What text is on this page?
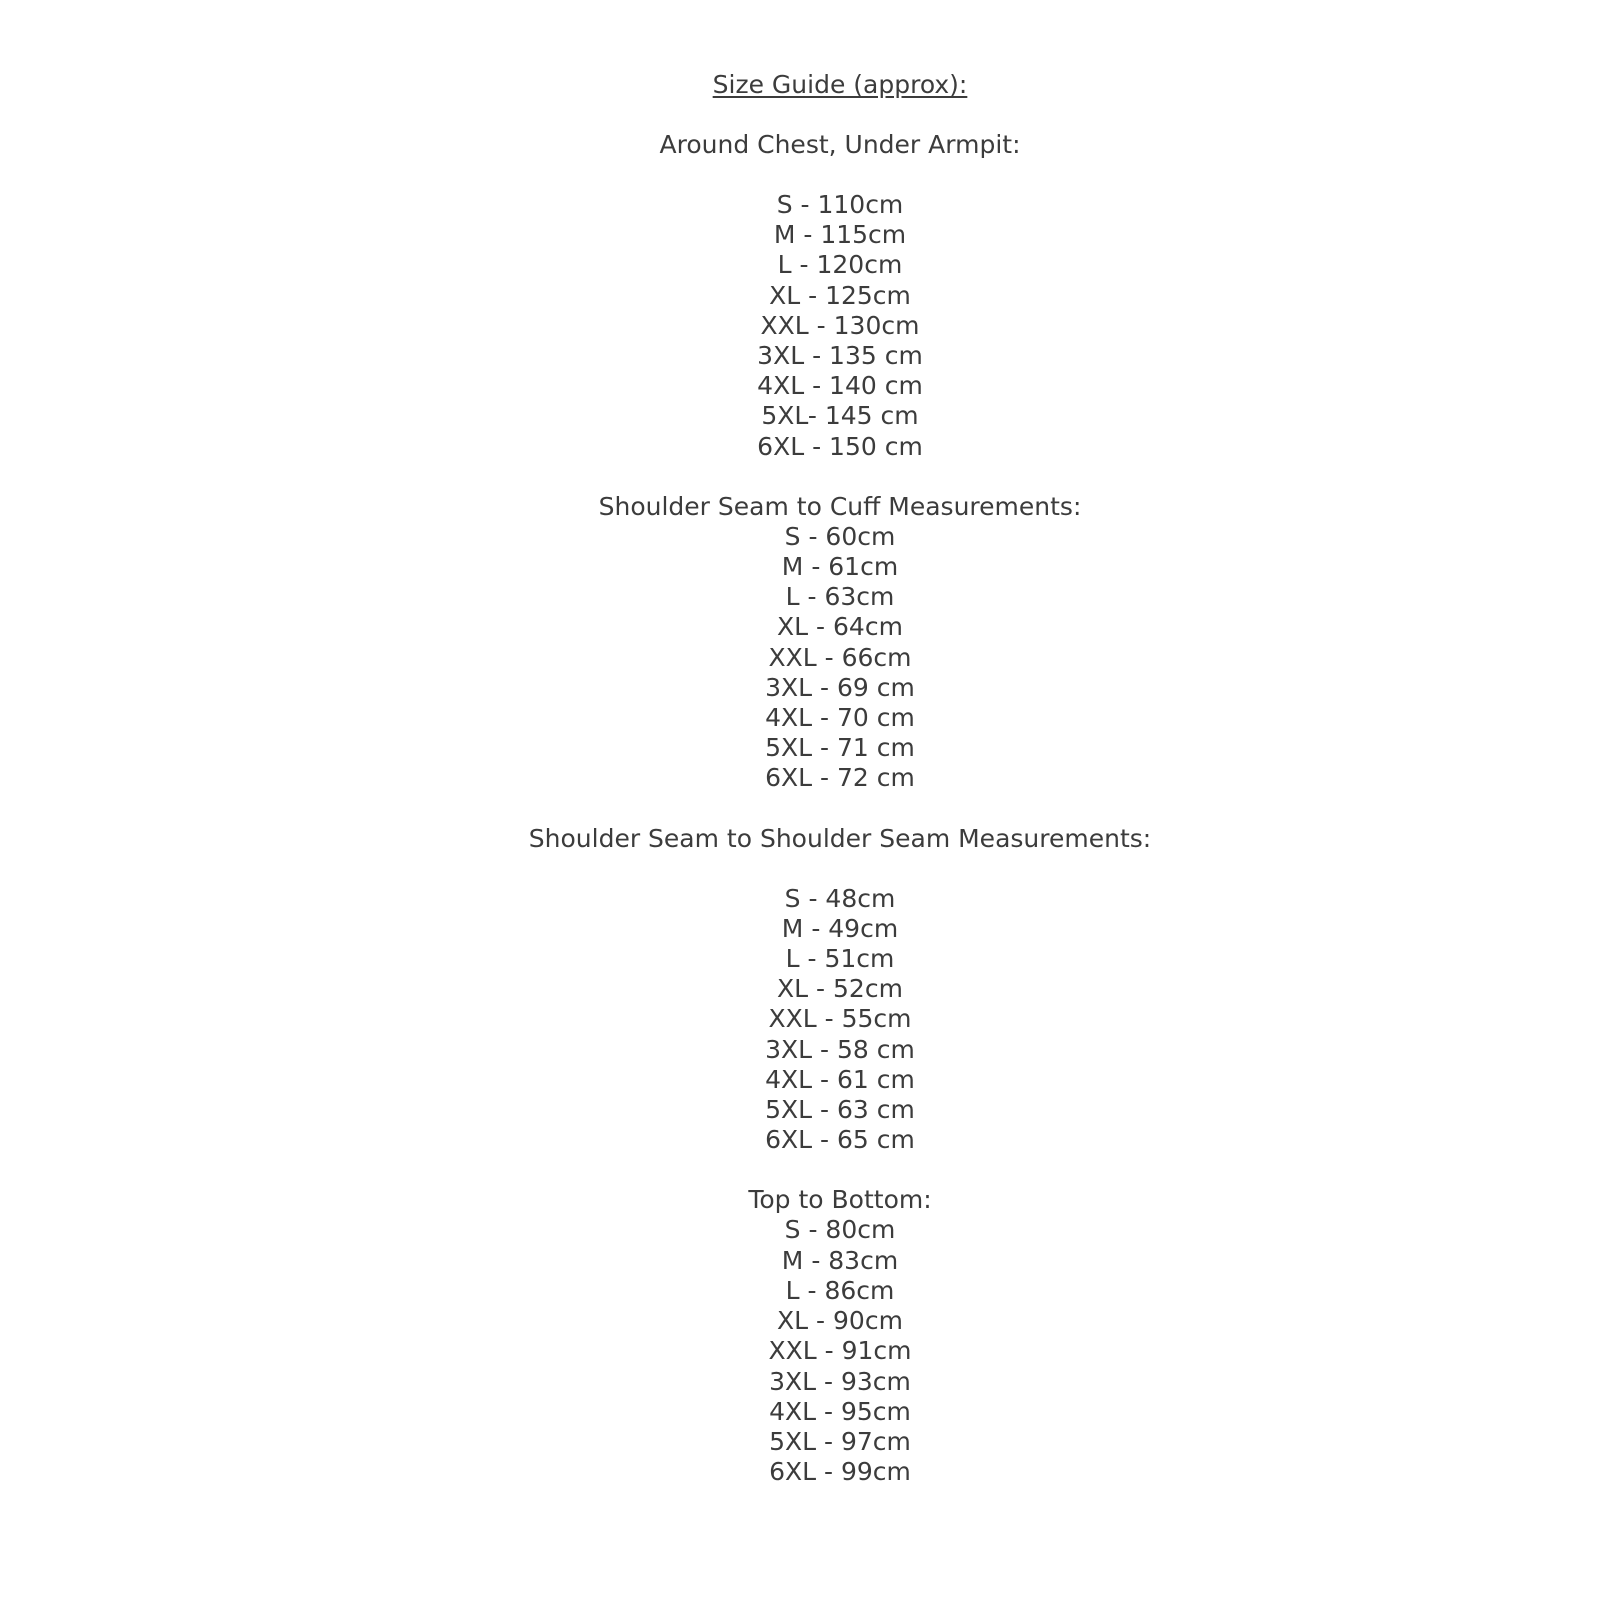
Size Guide (approx):

Around Chest, Under Armpit:

S - 110cm

M - 115cm

L - 120cm

XL - 125cm

XXL - 130cm

3XL - 135 cm

4XL - 140 cm

5XL- 145 cm

6XL - 150 cm

Shoulder Seam to Cuff Measurements:

S - 60cm

M - 61cm

L - 63cm

XL - 64cm

XXL - 66cm

3XL - 69 cm

4XL - 70 cm

5XL - 71 cm

6XL - 72 cm

Shoulder Seam to Shoulder Seam Measurements:

S - 48cm

M - 49cm

L - 51cm

XL - 52cm

XXL - 55cm

3XL - 58 cm

4XL - 61 cm

5XL - 63 cm

6XL - 65 cm

Top to Bottom:

S - 80cm

M - 83cm

L - 86cm

XL - 90cm

XXL - 91cm

3XL - 93cm

4XL - 95cm

5XL - 97cm

6XL - 99cm
